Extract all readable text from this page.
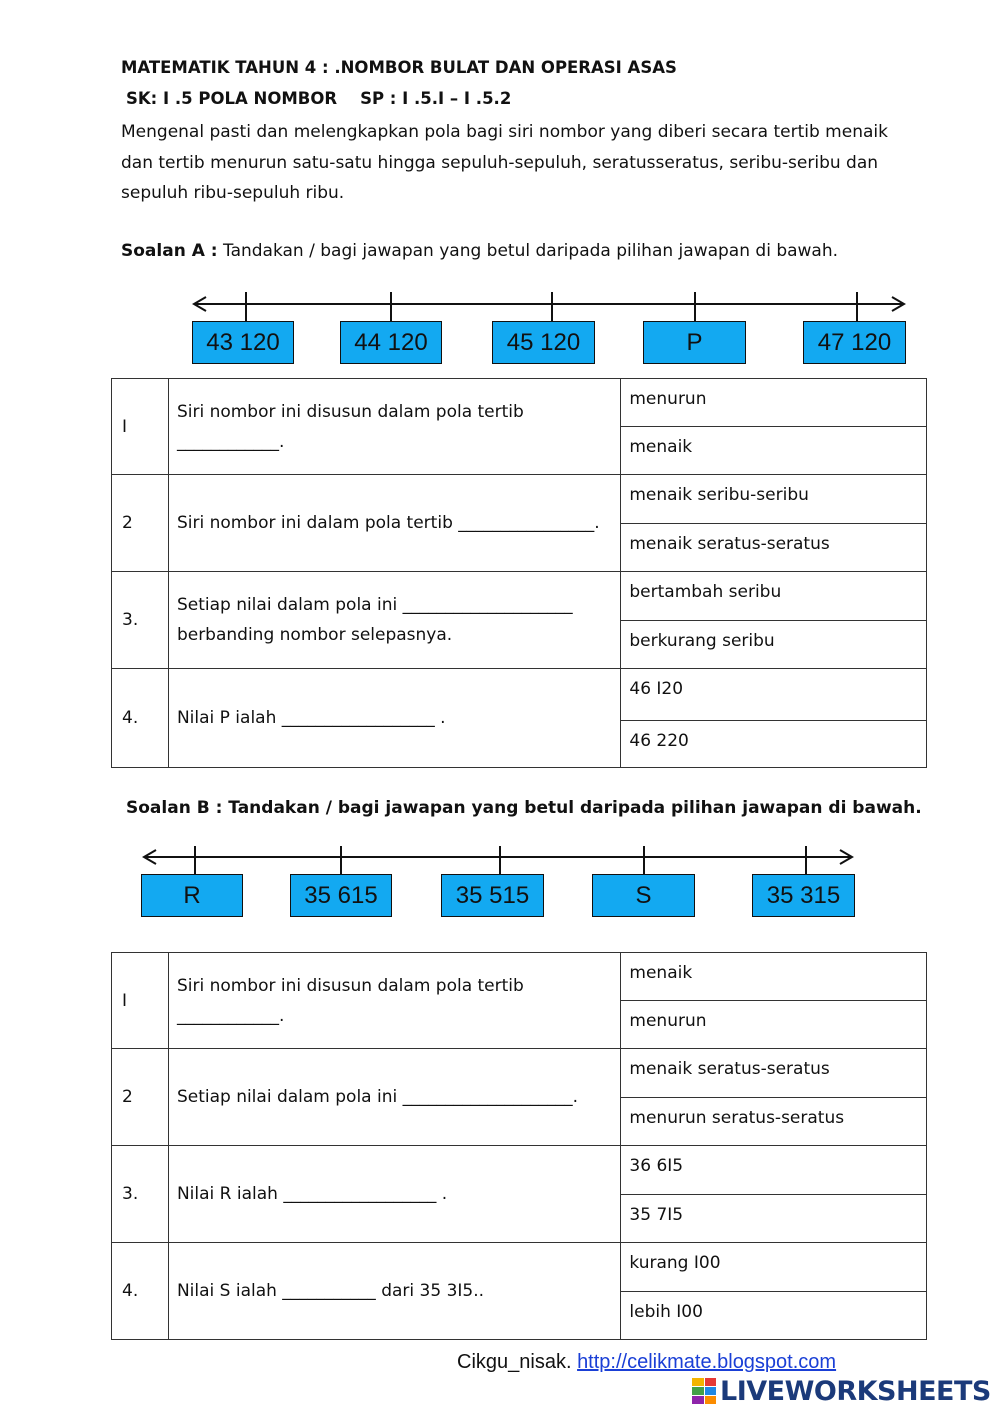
MATEMATIK TAHUN 4 : .NOMBOR BULAT DAN OPERASI ASAS
SK: I .5 POLA NOMBOR    SP : I .5.I – I .5.2
Mengenal pasti dan melengkapkan pola bagi siri nombor yang diberi secara tertib menaik dan tertib menurun satu-satu hingga sepuluh-sepuluh, seratusseratus, seribu-seribu dan sepuluh ribu-sepuluh ribu.
Soalan A : Tandakan / bagi jawapan yang betul daripada pilihan jawapan di bawah.
43 120	44 120	45 120	P	47 120
I	Siri nombor ini disusun dalam pola tertib ____________.	menurun
		menaik
2	Siri nombor ini dalam pola tertib ________________.	menaik seribu-seribu
		menaik seratus-seratus
3.	Setiap nilai dalam pola ini ____________________ berbanding nombor selepasnya.	bertambah seribu
		berkurang seribu
4.	Nilai P ialah __________________ .	46 I20
		46 220
Soalan B : Tandakan / bagi jawapan yang betul daripada pilihan jawapan di bawah.
R	35 615	35 515	S	35 315
I	Siri nombor ini disusun dalam pola tertib ____________.	menaik
		menurun
2	Setiap nilai dalam pola ini ____________________.	menaik seratus-seratus
		menurun seratus-seratus
3.	Nilai R ialah __________________ .	36 6I5
		35 7I5
4.	Nilai S ialah ___________ dari 35 3I5..	kurang I00
		lebih I00
Cikgu_nisak. http://celikmate.blogspot.com
LIVEWORKSHEETS
